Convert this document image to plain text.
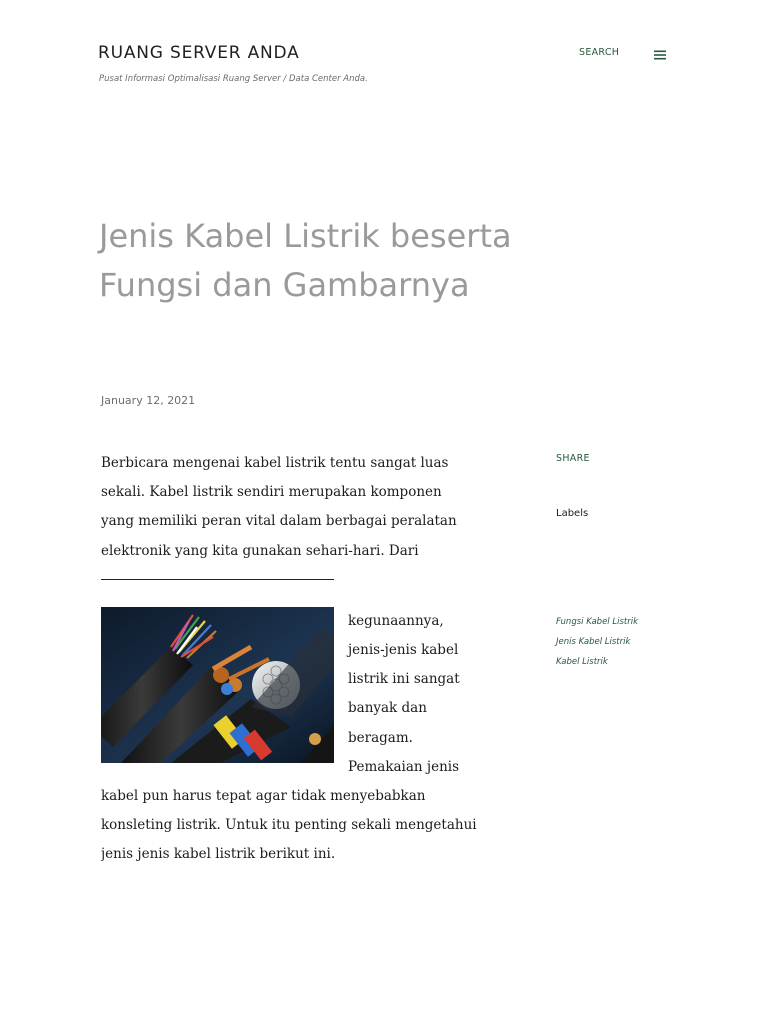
RUANG SERVER ANDA
Pusat Informasi Optimalisasi Ruang Server / Data Center Anda.
SEARCH
Jenis Kabel Listrik beserta Fungsi dan Gambarnya
January 12, 2021

Berbicara mengenai kabel listrik tentu sangat luas sekali. Kabel listrik sendiri merupakan komponen yang memiliki peran vital dalam berbagai peralatan elektronik yang kita gunakan sehari-hari. Dari

kegunaannya, jenis-jenis kabel listrik ini sangat banyak dan beragam. Pemakaian jenis kabel pun harus tepat agar tidak menyebabkan konsleting listrik. Untuk itu penting sekali mengetahui jenis jenis kabel listrik berikut ini.

SHARE
Labels
Fungsi Kabel Listrik
Jenis Kabel Listrik
Kabel Listrik
